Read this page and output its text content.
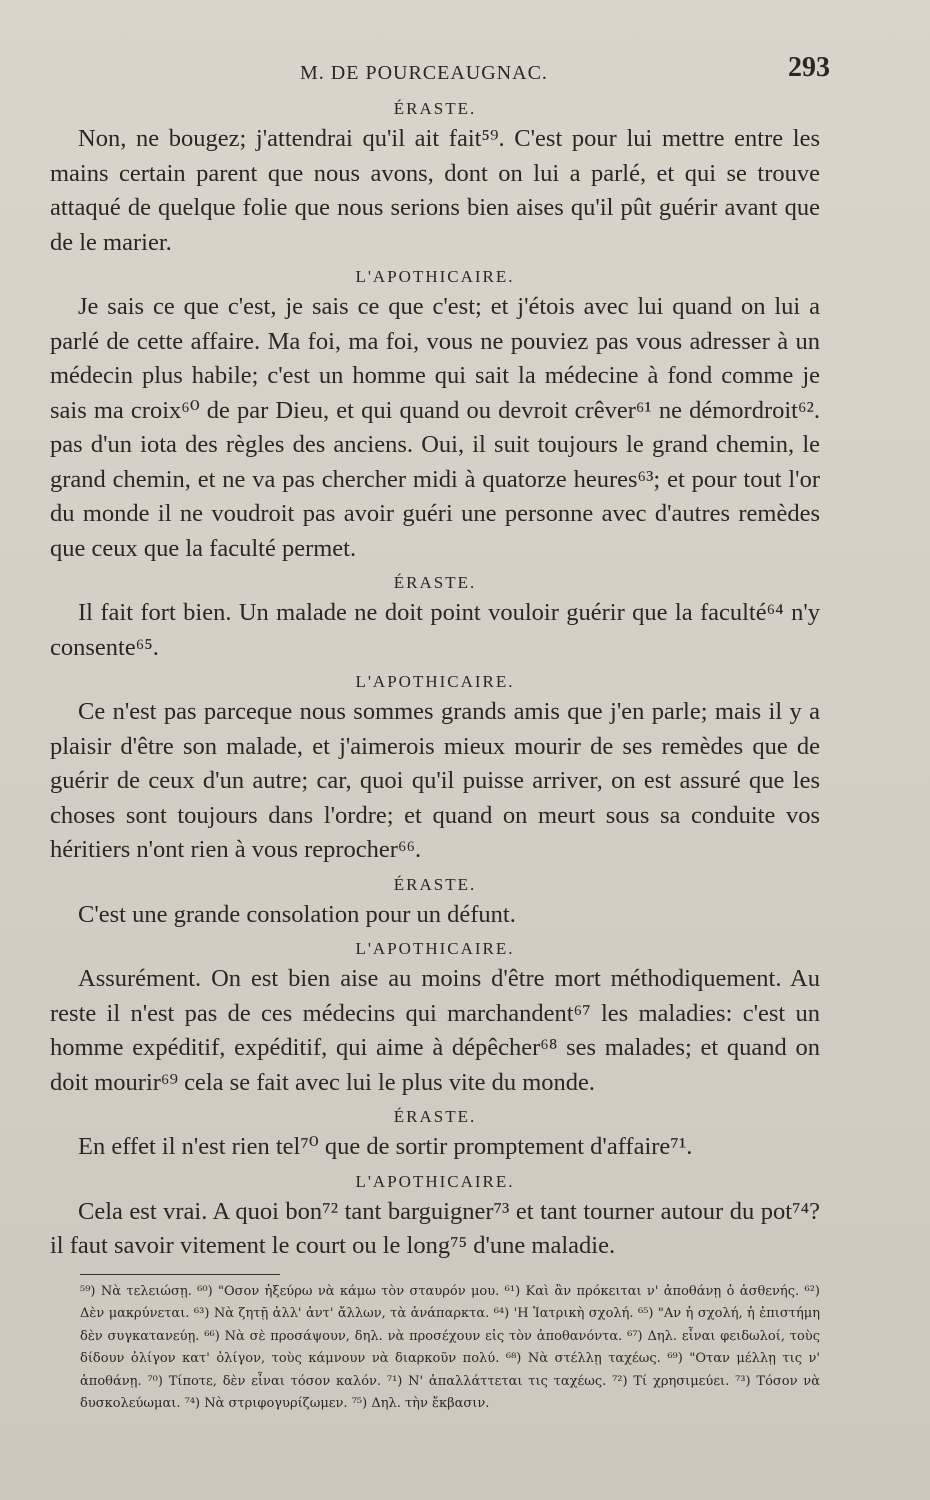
M. DE POURCEAUGNAC.	293

ÉRASTE.

Non, ne bougez; j'attendrai qu'il ait fait⁵⁹. C'est pour lui mettre entre les mains certain parent que nous avons, dont on lui a parlé, et qui se trouve attaqué de quelque folie que nous serions bien aises qu'il pût guérir avant que de le marier.

L'APOTHICAIRE.

Je sais ce que c'est, je sais ce que c'est; et j'étois avec lui quand on lui a parlé de cette affaire. Ma foi, ma foi, vous ne pouviez pas vous adresser à un médecin plus habile; c'est un homme qui sait la médecine à fond comme je sais ma croix⁶⁰ de par Dieu, et qui quand ou devroit crêver⁶¹ ne démordroit⁶². pas d'un iota des règles des anciens. Oui, il suit toujours le grand chemin, le grand chemin, et ne va pas chercher midi à quatorze heures⁶³; et pour tout l'or du monde il ne voudroit pas avoir guéri une personne avec d'autres remèdes que ceux que la faculté permet.

ÉRASTE.

Il fait fort bien. Un malade ne doit point vouloir guérir que la faculté⁶⁴ n'y consente⁶⁵.

L'APOTHICAIRE.

Ce n'est pas parceque nous sommes grands amis que j'en parle; mais il y a plaisir d'être son malade, et j'aimerois mieux mourir de ses remèdes que de guérir de ceux d'un autre; car, quoi qu'il puisse arriver, on est assuré que les choses sont toujours dans l'ordre; et quand on meurt sous sa conduite vos héritiers n'ont rien à vous reprocher⁶⁶.

ÉRASTE.

C'est une grande consolation pour un défunt.

L'APOTHICAIRE.

Assurément. On est bien aise au moins d'être mort méthodiquement. Au reste il n'est pas de ces médecins qui marchandent⁶⁷ les maladies: c'est un homme expéditif, expéditif, qui aime à dépêcher⁶⁸ ses malades; et quand on doit mourir⁶⁹ cela se fait avec lui le plus vite du monde.

ÉRASTE.

En effet il n'est rien tel⁷⁰ que de sortir promptement d'affaire⁷¹.

L'APOTHICAIRE.

Cela est vrai. A quoi bon⁷² tant barguigner⁷³ et tant tourner autour du pot⁷⁴? il faut savoir vitement le court ou le long⁷⁵ d'une maladie.

⁵⁹) Νὰ τελειώσῃ. ⁶⁰) "Οσον ἠξεύρω νὰ κάμω τὸν σταυρόν μου. ⁶¹) Καὶ ἂν πρόκειται ν' ἀποθάνῃ ὁ ἀσθενής. ⁶²) Δὲν μακρύνεται. ⁶³) Νὰ ζητῇ ἀλλ' ἀντ' ἄλλων, τὰ ἀνάπαρκτα. ⁶⁴) 'Η Ἰατρικὴ σχολή. ⁶⁵) "Αν ἡ σχολή, ἡ ἐπιστήμη δὲν συγκατανεύῃ. ⁶⁶) Νὰ σὲ προσάψουν, δηλ. νὰ προσέχουν εἰς τὸν ἀποθανόντα. ⁶⁷) Δηλ. εἶναι φειδωλοί, τοὺς δίδουν ὀλίγον κατ' ὀλίγον, τοὺς κάμνουν νὰ διαρκοῦν πολύ. ⁶⁸) Νὰ στέλλῃ ταχέως. ⁶⁹) "Οταν μέλλῃ τις ν' ἀποθάνῃ. ⁷⁰) Τίποτε, δὲν εἶναι τόσον καλόν. ⁷¹) Ν' ἀπαλλάττεται τις ταχέως. ⁷²) Τί χρησιμεύει. ⁷³) Τόσον νὰ δυσκολεύωμαι. ⁷⁴) Νὰ στριφογυρίζωμεν. ⁷⁵) Δηλ. τὴν ἔκβασιν.
